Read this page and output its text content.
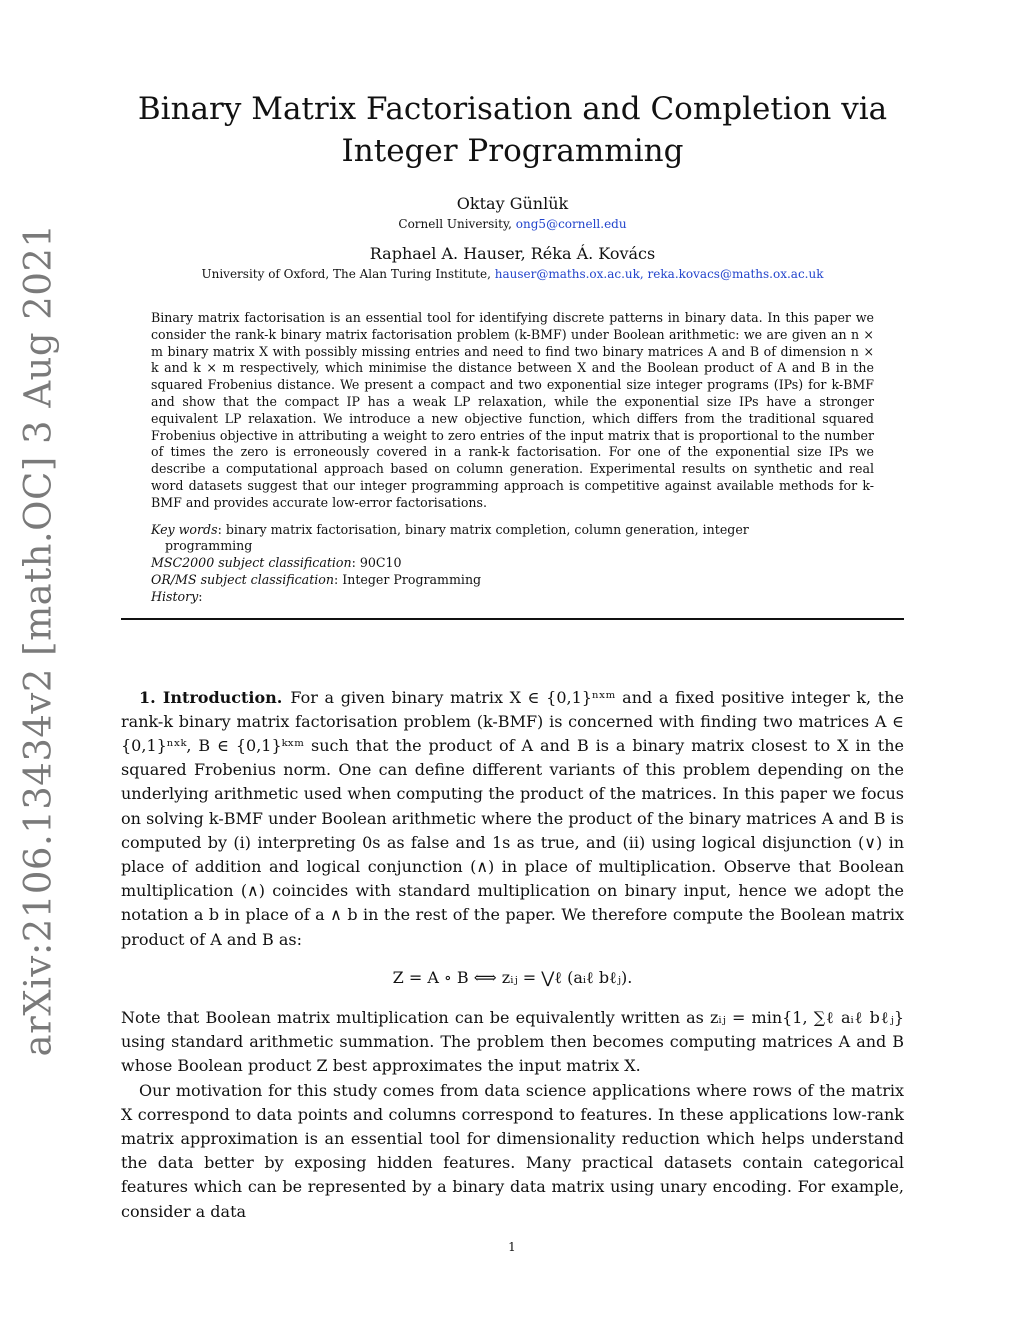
arXiv:2106.13434v2 [math.OC] 3 Aug 2021
Binary Matrix Factorisation and Completion via Integer Programming
Oktay Günlük
Cornell University, ong5@cornell.edu
Raphael A. Hauser, Réka Á. Kovács
University of Oxford, The Alan Turing Institute, hauser@maths.ox.ac.uk, reka.kovacs@maths.ox.ac.uk
Binary matrix factorisation is an essential tool for identifying discrete patterns in binary data. In this paper we consider the rank-k binary matrix factorisation problem (k-BMF) under Boolean arithmetic: we are given an n × m binary matrix X with possibly missing entries and need to find two binary matrices A and B of dimension n × k and k × m respectively, which minimise the distance between X and the Boolean product of A and B in the squared Frobenius distance. We present a compact and two exponential size integer programs (IPs) for k-BMF and show that the compact IP has a weak LP relaxation, while the exponential size IPs have a stronger equivalent LP relaxation. We introduce a new objective function, which differs from the traditional squared Frobenius objective in attributing a weight to zero entries of the input matrix that is proportional to the number of times the zero is erroneously covered in a rank-k factorisation. For one of the exponential size IPs we describe a computational approach based on column generation. Experimental results on synthetic and real word datasets suggest that our integer programming approach is competitive against available methods for k-BMF and provides accurate low-error factorisations.
Key words: binary matrix factorisation, binary matrix completion, column generation, integer
programming
MSC2000 subject classification: 90C10
OR/MS subject classification: Integer Programming
History:

1. Introduction. For a given binary matrix X ∈ {0,1}ⁿˣᵐ and a fixed positive integer k, the rank-k binary matrix factorisation problem (k-BMF) is concerned with finding two matrices A ∈ {0,1}ⁿˣᵏ, B ∈ {0,1}ᵏˣᵐ such that the product of A and B is a binary matrix closest to X in the squared Frobenius norm. One can define different variants of this problem depending on the underlying arithmetic used when computing the product of the matrices. In this paper we focus on solving k-BMF under Boolean arithmetic where the product of the binary matrices A and B is computed by (i) interpreting 0s as false and 1s as true, and (ii) using logical disjunction (∨) in place of addition and logical conjunction (∧) in place of multiplication. Observe that Boolean multiplication (∧) coincides with standard multiplication on binary input, hence we adopt the notation a b in place of a ∧ b in the rest of the paper. We therefore compute the Boolean matrix product of A and B as:

Z = A ∘ B ⟺ zᵢⱼ = ⋁ℓ (aᵢℓ bℓⱼ).

Note that Boolean matrix multiplication can be equivalently written as zᵢⱼ = min{1, ∑ℓ aᵢℓ bℓⱼ} using standard arithmetic summation. The problem then becomes computing matrices A and B whose Boolean product Z best approximates the input matrix X.

Our motivation for this study comes from data science applications where rows of the matrix X correspond to data points and columns correspond to features. In these applications low-rank matrix approximation is an essential tool for dimensionality reduction which helps understand the data better by exposing hidden features. Many practical datasets contain categorical features which can be represented by a binary data matrix using unary encoding. For example, consider a data

1
